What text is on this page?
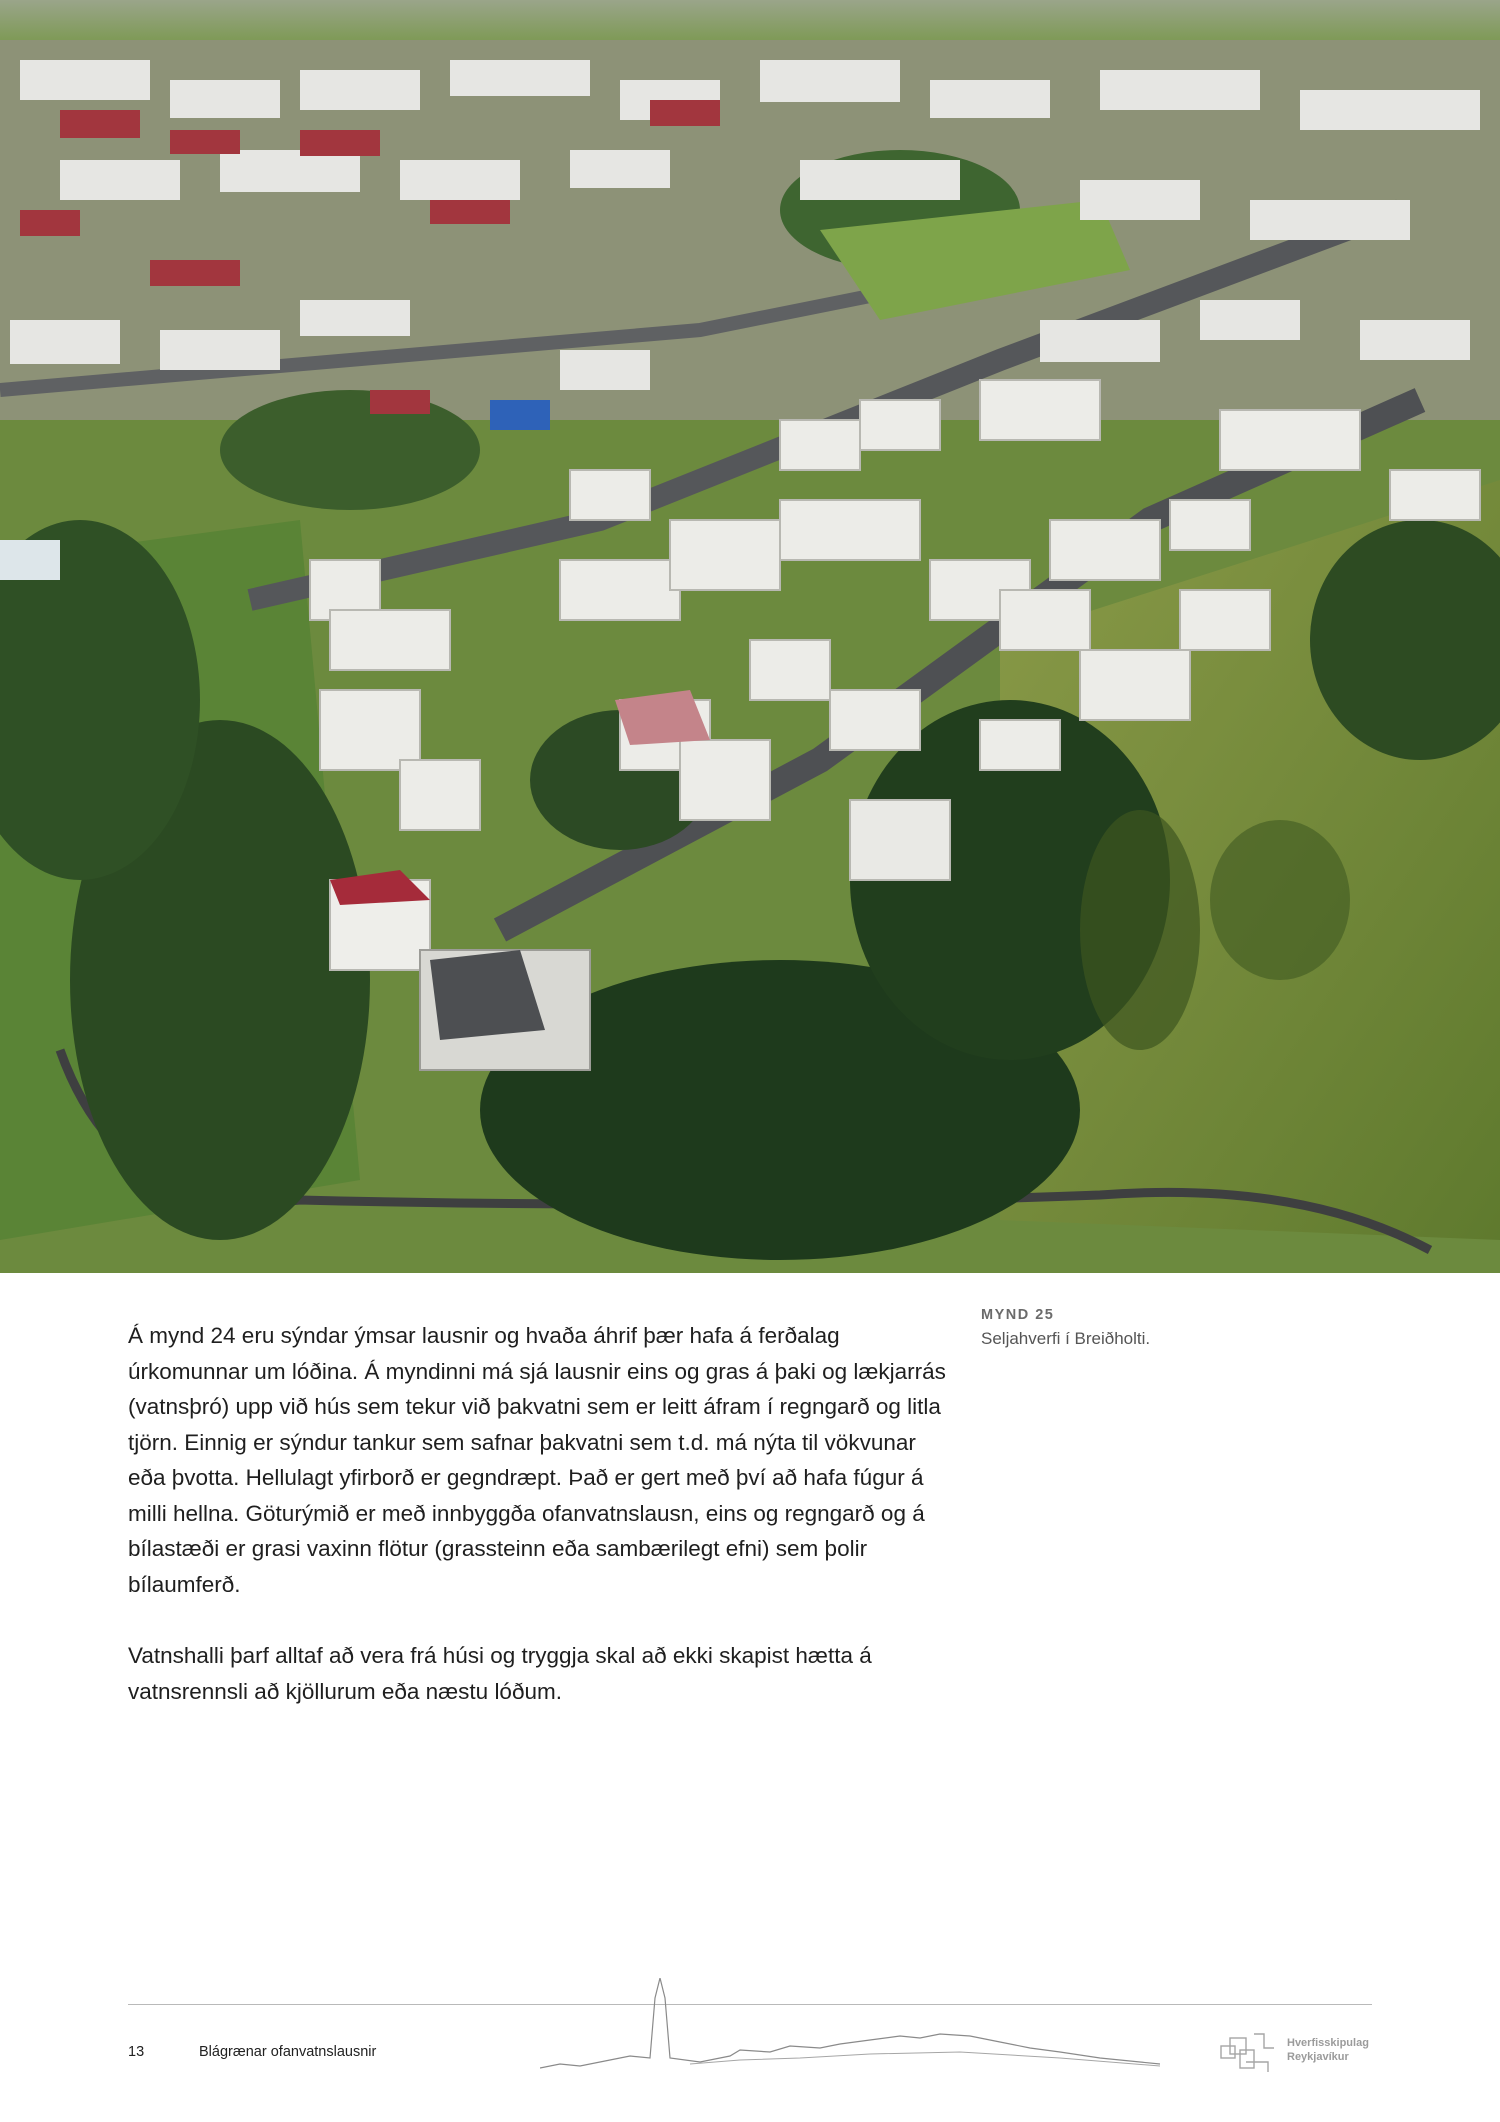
Á mynd 24 eru sýndar ýmsar lausnir og hvaða áhrif þær hafa á ferðalag úrkomunnar um lóðina. Á myndinni má sjá lausnir eins og gras á þaki og lækjarrás (vatnsþró) upp við hús sem tekur við þakvatni sem er leitt áfram í regngarð og litla tjörn. Einnig er sýndur tankur sem safnar þakvatni sem t.d. má nýta til vökvunar eða þvotta. Hellulagt yfirborð er gegndræpt. Það er gert með því að hafa fúgur á milli hellna. Göturýmið er með innbyggða ofanvatnslausn, eins og regngarð og á bílastæði er grasi vaxinn flötur (grassteinn eða sambærilegt efni) sem þolir bílaumferð.

Vatnshalli þarf alltaf að vera frá húsi og tryggja skal að ekki skapist hætta á vatnsrennsli að kjöllurum eða næstu lóðum.

MYND 25
Seljahverfi í Breiðholti.
13	Blágrænar ofanvatnslausnir
Hverfisskipulag
Reykjavíkur
